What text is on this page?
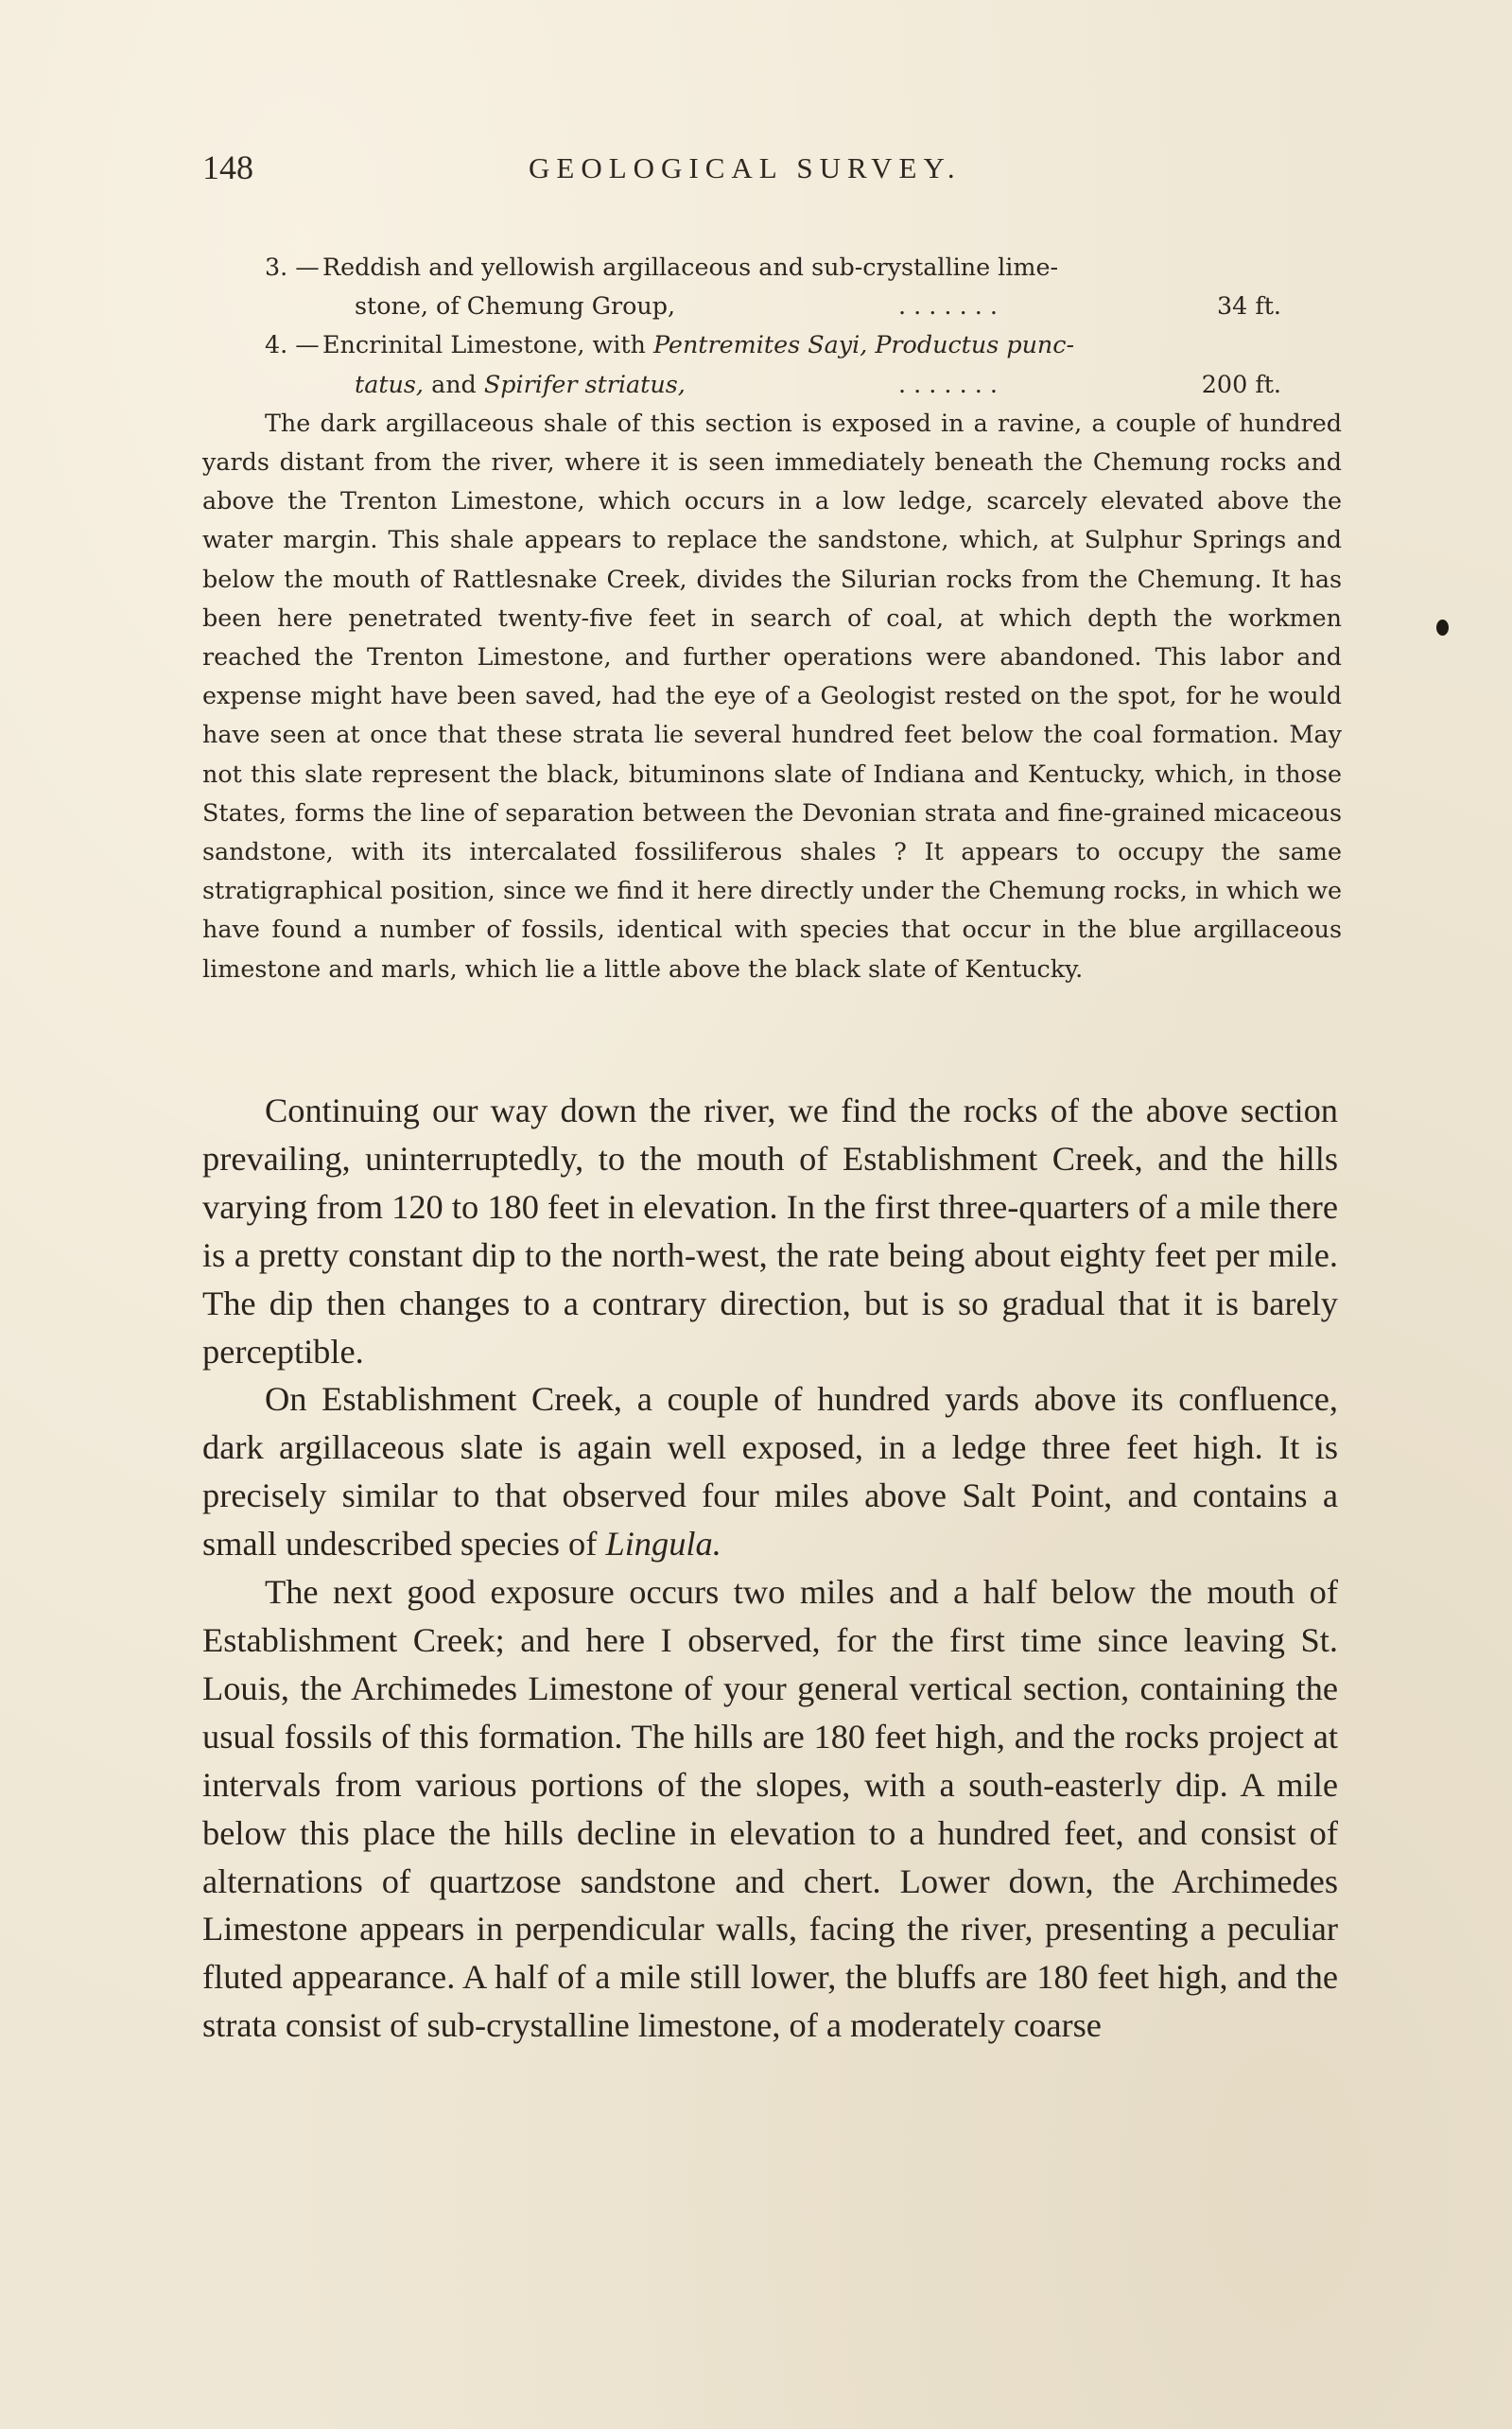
148	GEOLOGICAL SURVEY.
3. — Reddish and yellowish argillaceous and sub-crystalline lime-
stone, of Chemung Group,	. . . . . . .	34 ft.
4. — Encrinital Limestone, with Pentremites Sayi, Productus punc-
tatus, and Spirifer striatus,	. . . . . . .	200 ft.

The dark argillaceous shale of this section is exposed in a ravine, a couple of hundred yards distant from the river, where it is seen immediately beneath the Chemung rocks and above the Trenton Limestone, which occurs in a low ledge, scarcely elevated above the water margin. This shale appears to replace the sandstone, which, at Sulphur Springs and below the mouth of Rattlesnake Creek, divides the Silurian rocks from the Chemung. It has been here penetrated twenty-five feet in search of coal, at which depth the workmen reached the Trenton Limestone, and further operations were abandoned. This labor and expense might have been saved, had the eye of a Geologist rested on the spot, for he would have seen at once that these strata lie several hundred feet below the coal formation. May not this slate represent the black, bituminons slate of Indiana and Kentucky, which, in those States, forms the line of separation between the Devonian strata and fine-grained micaceous sandstone, with its intercalated fossiliferous shales ? It appears to occupy the same stratigraphical position, since we find it here directly under the Chemung rocks, in which we have found a number of fossils, identical with species that occur in the blue argillaceous limestone and marls, which lie a little above the black slate of Kentucky.

Continuing our way down the river, we find the rocks of the above section prevailing, uninterruptedly, to the mouth of Establishment Creek, and the hills varying from 120 to 180 feet in elevation. In the first three-quarters of a mile there is a pretty constant dip to the north-west, the rate being about eighty feet per mile. The dip then changes to a contrary direction, but is so gradual that it is barely perceptible.

On Establishment Creek, a couple of hundred yards above its confluence, dark argillaceous slate is again well exposed, in a ledge three feet high. It is precisely similar to that observed four miles above Salt Point, and contains a small undescribed species of Lingula.

The next good exposure occurs two miles and a half below the mouth of Establishment Creek; and here I observed, for the first time since leaving St. Louis, the Archimedes Limestone of your general vertical section, containing the usual fossils of this formation. The hills are 180 feet high, and the rocks project at intervals from various portions of the slopes, with a south-easterly dip. A mile below this place the hills decline in elevation to a hundred feet, and consist of alternations of quartzose sandstone and chert. Lower down, the Archimedes Limestone appears in perpendicular walls, facing the river, presenting a peculiar fluted appearance. A half of a mile still lower, the bluffs are 180 feet high, and the strata consist of sub-crystalline limestone, of a moderately coarse
